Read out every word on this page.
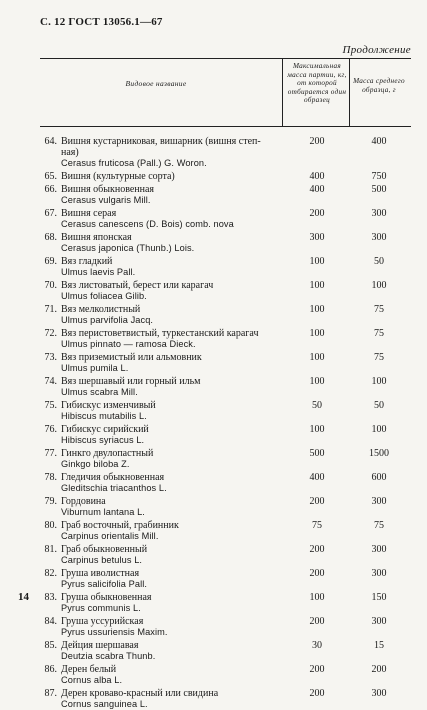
С. 12 ГОСТ 13056.1—67
Продолжение
Видовое название
Максимальная масса партии, кг, от которой отбирается один образец
Масса среднего образца, г
64. Вишня кустарниковая, вишарник (вишня степ-
ная)
Cerasus fruticosa (Pall.) G. Woron.
200	400
65. Вишня (культурные сорта)	400	750
66. Вишня обыкновенная
Cerasus vulgaris Mill.
400	500
67. Вишня серая
Cerasus canescens (D. Bois) comb. nova
200	300
68. Вишня японская
Cerasus japonica (Thunb.) Lois.
300	300
69. Вяз гладкий
Ulmus laevis Pall.
100	50
70. Вяз листоватый, берест или карагач
Ulmus foliacea Gilib.
100	100
71. Вяз мелколистный
Ulmus parvifolia Jacq.
100	75
72. Вяз перистоветвистый, туркестанский карагач
Ulmus pinnato — ramosa Dieck.
100	75
73. Вяз приземистый или альмовник
Ulmus pumila L.
100	75
74. Вяз шершавый или горный ильм
Ulmus scabra Mill.
100	100
75. Гибискус изменчивый
Hibiscus mutabilis L.
50	50
76. Гибискус сирийский
Hibiscus syriacus L.
100	100
77. Гинкго двулопастный
Ginkgo biloba Z.
500	1500
78. Гледичия обыкновенная
Gleditschia triacanthos L.
400	600
79. Гордовина
Viburnum lantana L.
200	300
80. Граб восточный, грабинник
Carpinus orientalis Mill.
75	75
81. Граб обыкновенный
Carpinus betulus L.
200	300
82. Груша иволистная
Pyrus salicifolia Pall.
200	300
83. Груша обыкновенная
Pyrus communis L.
100	150
84. Груша уссурийская
Pyrus ussuriensis Maxim.
200	300
85. Дейция шершавая
Deutzia scabra Thunb.
30	15
86. Дерен белый
Cornus alba L.
200	200
87. Дерен кроваво-красный или свидина
Cornus sanguinea L.
200	300
14
